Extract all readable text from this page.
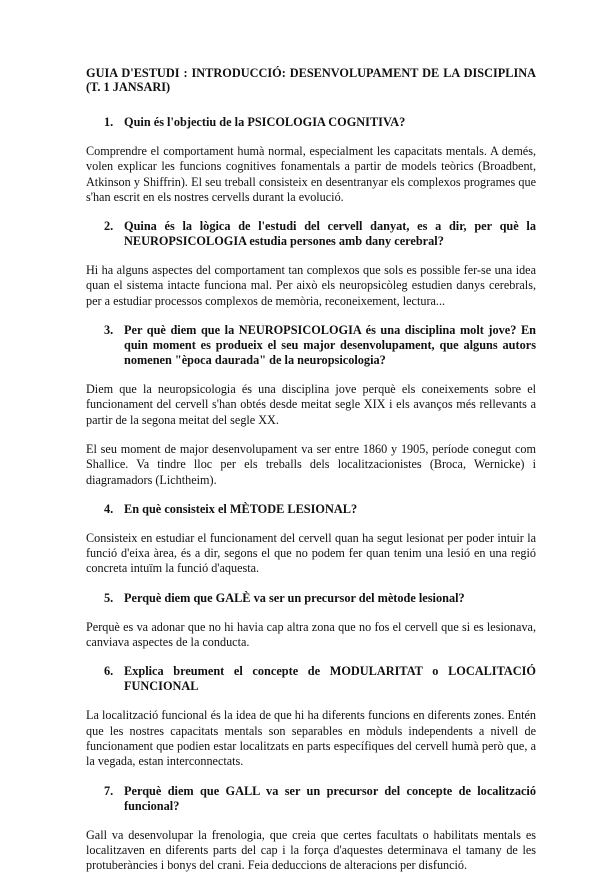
GUIA D'ESTUDI : INTRODUCCIÓ: DESENVOLUPAMENT DE LA DISCIPLINA (T. 1 JANSARI)
1. Quin és l'objectiu de la PSICOLOGIA COGNITIVA?

Comprendre el comportament humà normal, especialment les capacitats mentals. A demés, volen explicar les funcions cognitives fonamentals a partir de models teòrics (Broadbent, Atkinson y Shiffrin). El seu treball consisteix en desentranyar els complexos programes que s'han escrit en els nostres cervells durant la evolució.

2. Quina és la lògica de l'estudi del cervell danyat, es a dir, per què la NEUROPSICOLOGIA estudia persones amb dany cerebral?

Hi ha alguns aspectes del comportament tan complexos que sols es possible fer-se una idea quan el sistema intacte funciona mal. Per això els neuropsicòleg estudien danys cerebrals, per a estudiar processos complexos de memòria, reconeixement, lectura...

3. Per què diem que la NEUROPSICOLOGIA és una disciplina molt jove? En quin moment es produeix el seu major desenvolupament, que alguns autors nomenen "època daurada" de la neuropsicologia?

Diem que la neuropsicologia és una disciplina jove perquè els coneixements sobre el funcionament del cervell s'han obtés desde meitat segle XIX i els avanços més rellevants a partir de la segona meitat del segle XX.

El seu moment de major desenvolupament va ser entre 1860 y 1905, període conegut com Shallice. Va tindre lloc per els treballs dels localitzacionistes (Broca, Wernicke) i diagramadors (Lichtheim).

4. En què consisteix el MÈTODE LESIONAL?

Consisteix en estudiar el funcionament del cervell quan ha segut lesionat per poder intuir la funció d'eixa àrea, és a dir, segons el que no podem fer quan tenim una lesió en una regió concreta intuïm la funció d'aquesta.

5. Perquè diem que GALÈ va ser un precursor del mètode lesional?

Perquè es va adonar que no hi havia cap altra zona que no fos el cervell que si es lesionava, canviava aspectes de la conducta.

6. Explica breument el concepte de MODULARITAT o LOCALITACIÓ FUNCIONAL

La localització funcional és la idea de que hi ha diferents funcions en diferents zones. Entén que les nostres capacitats mentals son separables en mòduls independents a nivell de funcionament que podien estar localitzats en parts específiques del cervell humà però que, a la vegada, estan interconnectats.

7. Perquè diem que GALL va ser un precursor del concepte de localització funcional?

Gall va desenvolupar la frenologia, que creia que certes facultats o habilitats mentals es localitzaven en diferents parts del cap i la força d'aquestes determinava el tamany de les protuberàncies i bonys del crani. Feia deduccions de alteracions per disfunció.
